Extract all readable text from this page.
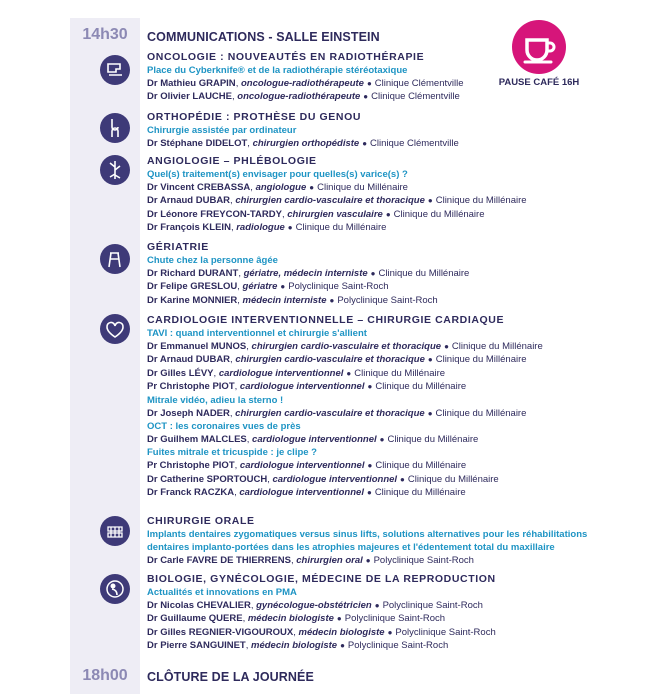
14h30
18h00
COMMUNICATIONS - SALLE EINSTEIN
CLÔTURE DE LA JOURNÉE
PAUSE CAFÉ 16H
ONCOLOGIE : NOUVEAUTÉS EN RADIOTHÉRAPIE
Place du Cyberknife® et de la radiothérapie stéréotaxique
Dr Mathieu GRAPIN, oncologue-radiothérapeute ● Clinique Clémentville
Dr Olivier LAUCHE, oncologue-radiothérapeute ● Clinique Clémentville
ORTHOPÉDIE : PROTHÈSE DU GENOU
Chirurgie assistée par ordinateur
Dr Stéphane DIDELOT, chirurgien orthopédiste ● Clinique Clémentville
ANGIOLOGIE – PHLÉBOLOGIE
Quel(s) traitement(s) envisager pour quelles(s) varice(s) ?
Dr Vincent CREBASSA, angiologue ● Clinique du Millénaire
Dr Arnaud DUBAR, chirurgien cardio-vasculaire et thoracique ● Clinique du Millénaire
Dr Léonore FREYCON-TARDY, chirurgien vasculaire ● Clinique du Millénaire
Dr François KLEIN, radiologue ● Clinique du Millénaire
GÉRIATRIE
Chute chez la personne âgée
Dr Richard DURANT, gériatre, médecin interniste ● Clinique du Millénaire
Dr Felipe GRESLOU, gériatre ● Polyclinique Saint-Roch
Dr Karine MONNIER, médecin interniste ● Polyclinique Saint-Roch
CARDIOLOGIE INTERVENTIONNELLE – CHIRURGIE CARDIAQUE
TAVI : quand interventionnel et chirurgie s'allient
Dr Emmanuel MUNOS, chirurgien cardio-vasculaire et thoracique ● Clinique du Millénaire
Dr Arnaud DUBAR, chirurgien cardio-vasculaire et thoracique ● Clinique du Millénaire
Dr Gilles LÉVY, cardiologue interventionnel ● Clinique du Millénaire
Pr Christophe PIOT, cardiologue interventionnel ● Clinique du Millénaire
Mitrale vidéo, adieu la sterno !
Dr Joseph NADER, chirurgien cardio-vasculaire et thoracique ● Clinique du Millénaire
OCT : les coronaires vues de près
Dr Guilhem MALCLES, cardiologue interventionnel ● Clinique du Millénaire
Fuites mitrale et tricuspide : je clipe ?
Pr Christophe PIOT, cardiologue interventionnel ● Clinique du Millénaire
Dr Catherine SPORTOUCH, cardiologue interventionnel ● Clinique du Millénaire
Dr Franck RACZKA, cardiologue interventionnel ● Clinique du Millénaire
CHIRURGIE ORALE
Implants dentaires zygomatiques versus sinus lifts, solutions alternatives pour les réhabilitations
dentaires implanto-portées dans les atrophies majeures et l'édentement total du maxillaire
Dr Carle FAVRE DE THIERRENS, chirurgien oral ● Polyclinique Saint-Roch
BIOLOGIE, GYNÉCOLOGIE, MÉDECINE DE LA REPRODUCTION
Actualités et innovations en PMA
Dr Nicolas CHEVALIER, gynécologue-obstétricien ● Polyclinique Saint-Roch
Dr Guillaume QUERE, médecin biologiste ● Polyclinique Saint-Roch
Dr Gilles REGNIER-VIGOUROUX, médecin biologiste ● Polyclinique Saint-Roch
Dr Pierre SANGUINET, médecin biologiste ● Polyclinique Saint-Roch
